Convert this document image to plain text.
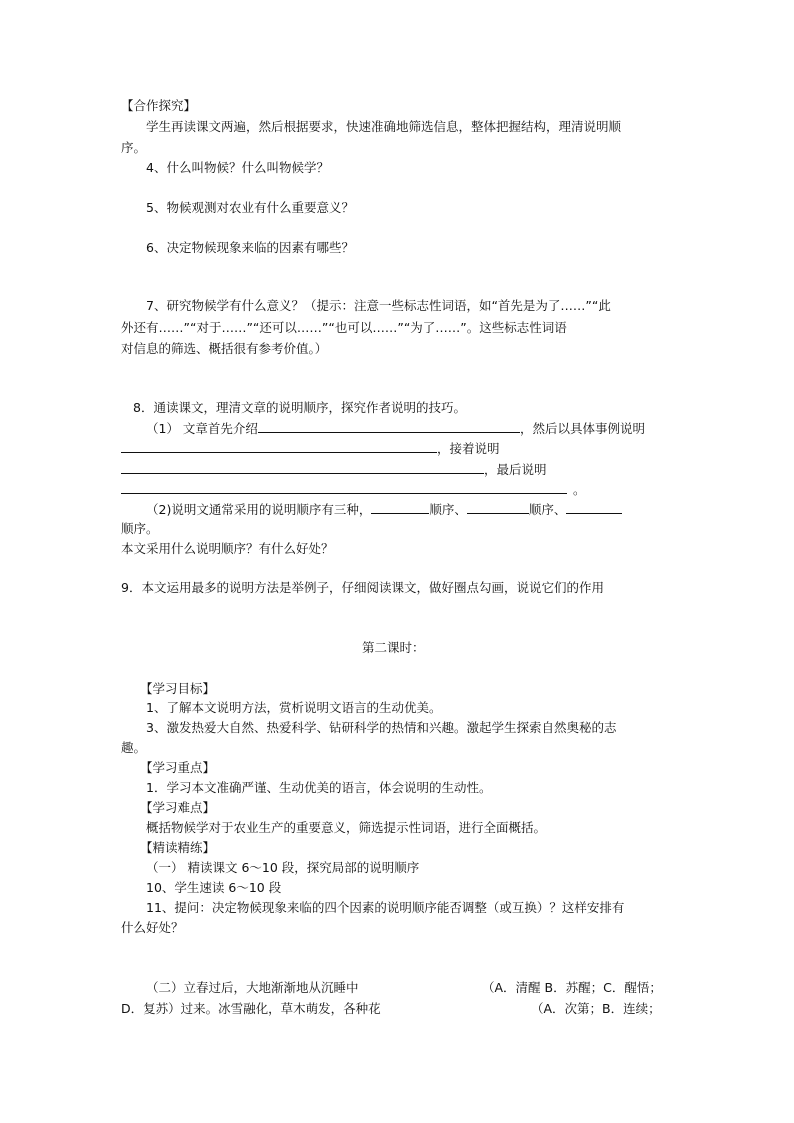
【合作探究】
学生再读课文两遍，然后根据要求，快速准确地筛选信息，整体把握结构，理清说明顺
序。
4、什么叫物候？什么叫物候学？
5、物候观测对农业有什么重要意义？
6、决定物候现象来临的因素有哪些？
7、研究物候学有什么意义？（提示：注意一些标志性词语，如“首先是为了……”“此
外还有……”“对于……”“还可以……”“也可以……”“为了……”。这些标志性词语
对信息的筛选、概括很有参考价值。）
8．通读课文，理清文章的说明顺序，探究作者说明的技巧。
（1） 文章首先介绍	，然后以具体事例说明
，接着说明
，最后说明
。
（2)说明文通常采用的说明顺序有三种，	顺序、	顺序、
顺序。
本文采用什么说明顺序？有什么好处？
9．本文运用最多的说明方法是举例子，仔细阅读课文，做好圈点勾画，说说它们的作用
第二课时：
【学习目标】
1、了解本文说明方法，赏析说明文语言的生动优美。
3、激发热爱大自然、热爱科学、钻研科学的热情和兴趣。激起学生探索自然奥秘的志
趣。
【学习重点】
1．学习本文准确严谨、生动优美的语言，体会说明的生动性。
【学习难点】
概括物候学对于农业生产的重要意义，筛选提示性词语，进行全面概括。
【精读精练】
（一） 精读课文 6～10 段，探究局部的说明顺序
10、学生速读 6～10 段
11、提问：决定物候现象来临的四个因素的说明顺序能否调整（或互换）？这样安排有
什么好处？
（二）立春过后，大地渐渐地从沉睡中	（A．清醒 B．苏醒；C．醒悟；
D．复苏）过来。冰雪融化，草木萌发，各种花	（A．次第；B．连续；
